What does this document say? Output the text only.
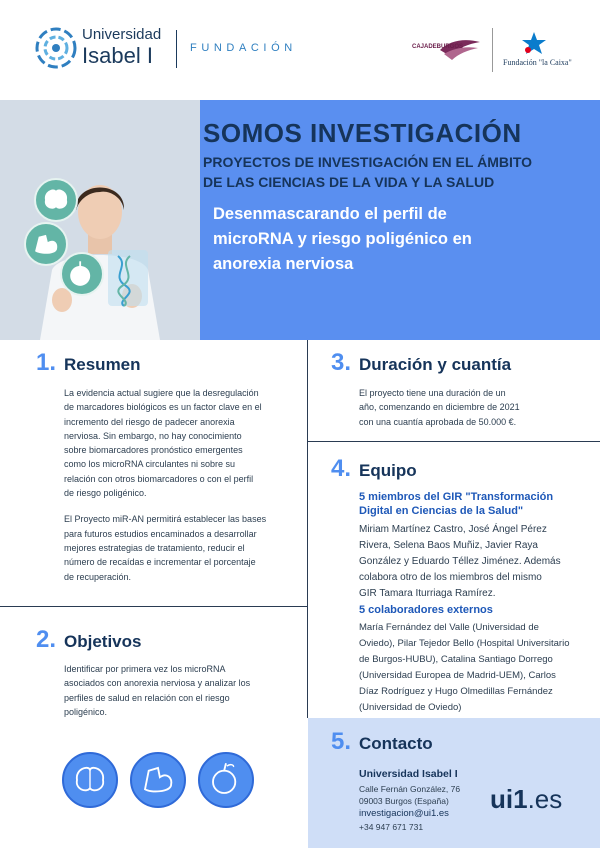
Universidad
Isabel I	FUNDACIÓN	CAJADEBURGOS
Fundación "la Caixa"
SOMOS INVESTIGACIÓN
PROYECTOS DE INVESTIGACIÓN EN EL ÁMBITO
DE LAS CIENCIAS DE LA VIDA Y LA SALUD
Desenmascarando el perfil de
microRNA y riesgo poligénico en
anorexia nerviosa
1. Resumen

La evidencia actual sugiere que la desregulación
de marcadores biológicos es un factor clave en el
incremento del riesgo de padecer anorexia
nerviosa. Sin embargo, no hay conocimiento
sobre biomarcadores pronóstico emergentes
como los microRNA circulantes ni sobre su
relación con otros biomarcadores o con el perfil
de riesgo poligénico.

El Proyecto miR-AN permitirá establecer las bases
para futuros estudios encaminados a desarrollar
mejores estrategias de tratamiento, reducir el
número de recaídas e incrementar el porcentaje
de recuperación.

2. Objetivos
Identificar por primera vez los microRNA
asociados con anorexia nerviosa y analizar los
perfiles de salud en relación con el riesgo
poligénico.
3. Duración y cuantía
El proyecto tiene una duración de un
año, comenzando en diciembre de 2021
con una cuantía aprobada de 50.000 €.
4. Equipo
5 miembros del GIR "Transformación
Digital en Ciencias de la Salud"
Miriam Martínez Castro, José Ángel Pérez
Rivera, Selena Baos Muñiz, Javier Raya
González y Eduardo Téllez Jiménez. Además
colabora otro de los miembros del mismo
GIR Tamara Iturriaga Ramírez.
5 colaboradores externos
María Fernández del Valle (Universidad de
Oviedo), Pilar Tejedor Bello (Hospital Universitario
de Burgos-HUBU), Catalina Santiago Dorrego
(Universidad Europea de Madrid-UEM), Carlos
Díaz Rodríguez y Hugo Olmedillas Fernández
(Universidad de Oviedo)
5. Contacto
Universidad Isabel I
Calle Fernán González, 76
09003 Burgos (España)
investigacion@ui1.es
+34 947 671 731
ui1.es
